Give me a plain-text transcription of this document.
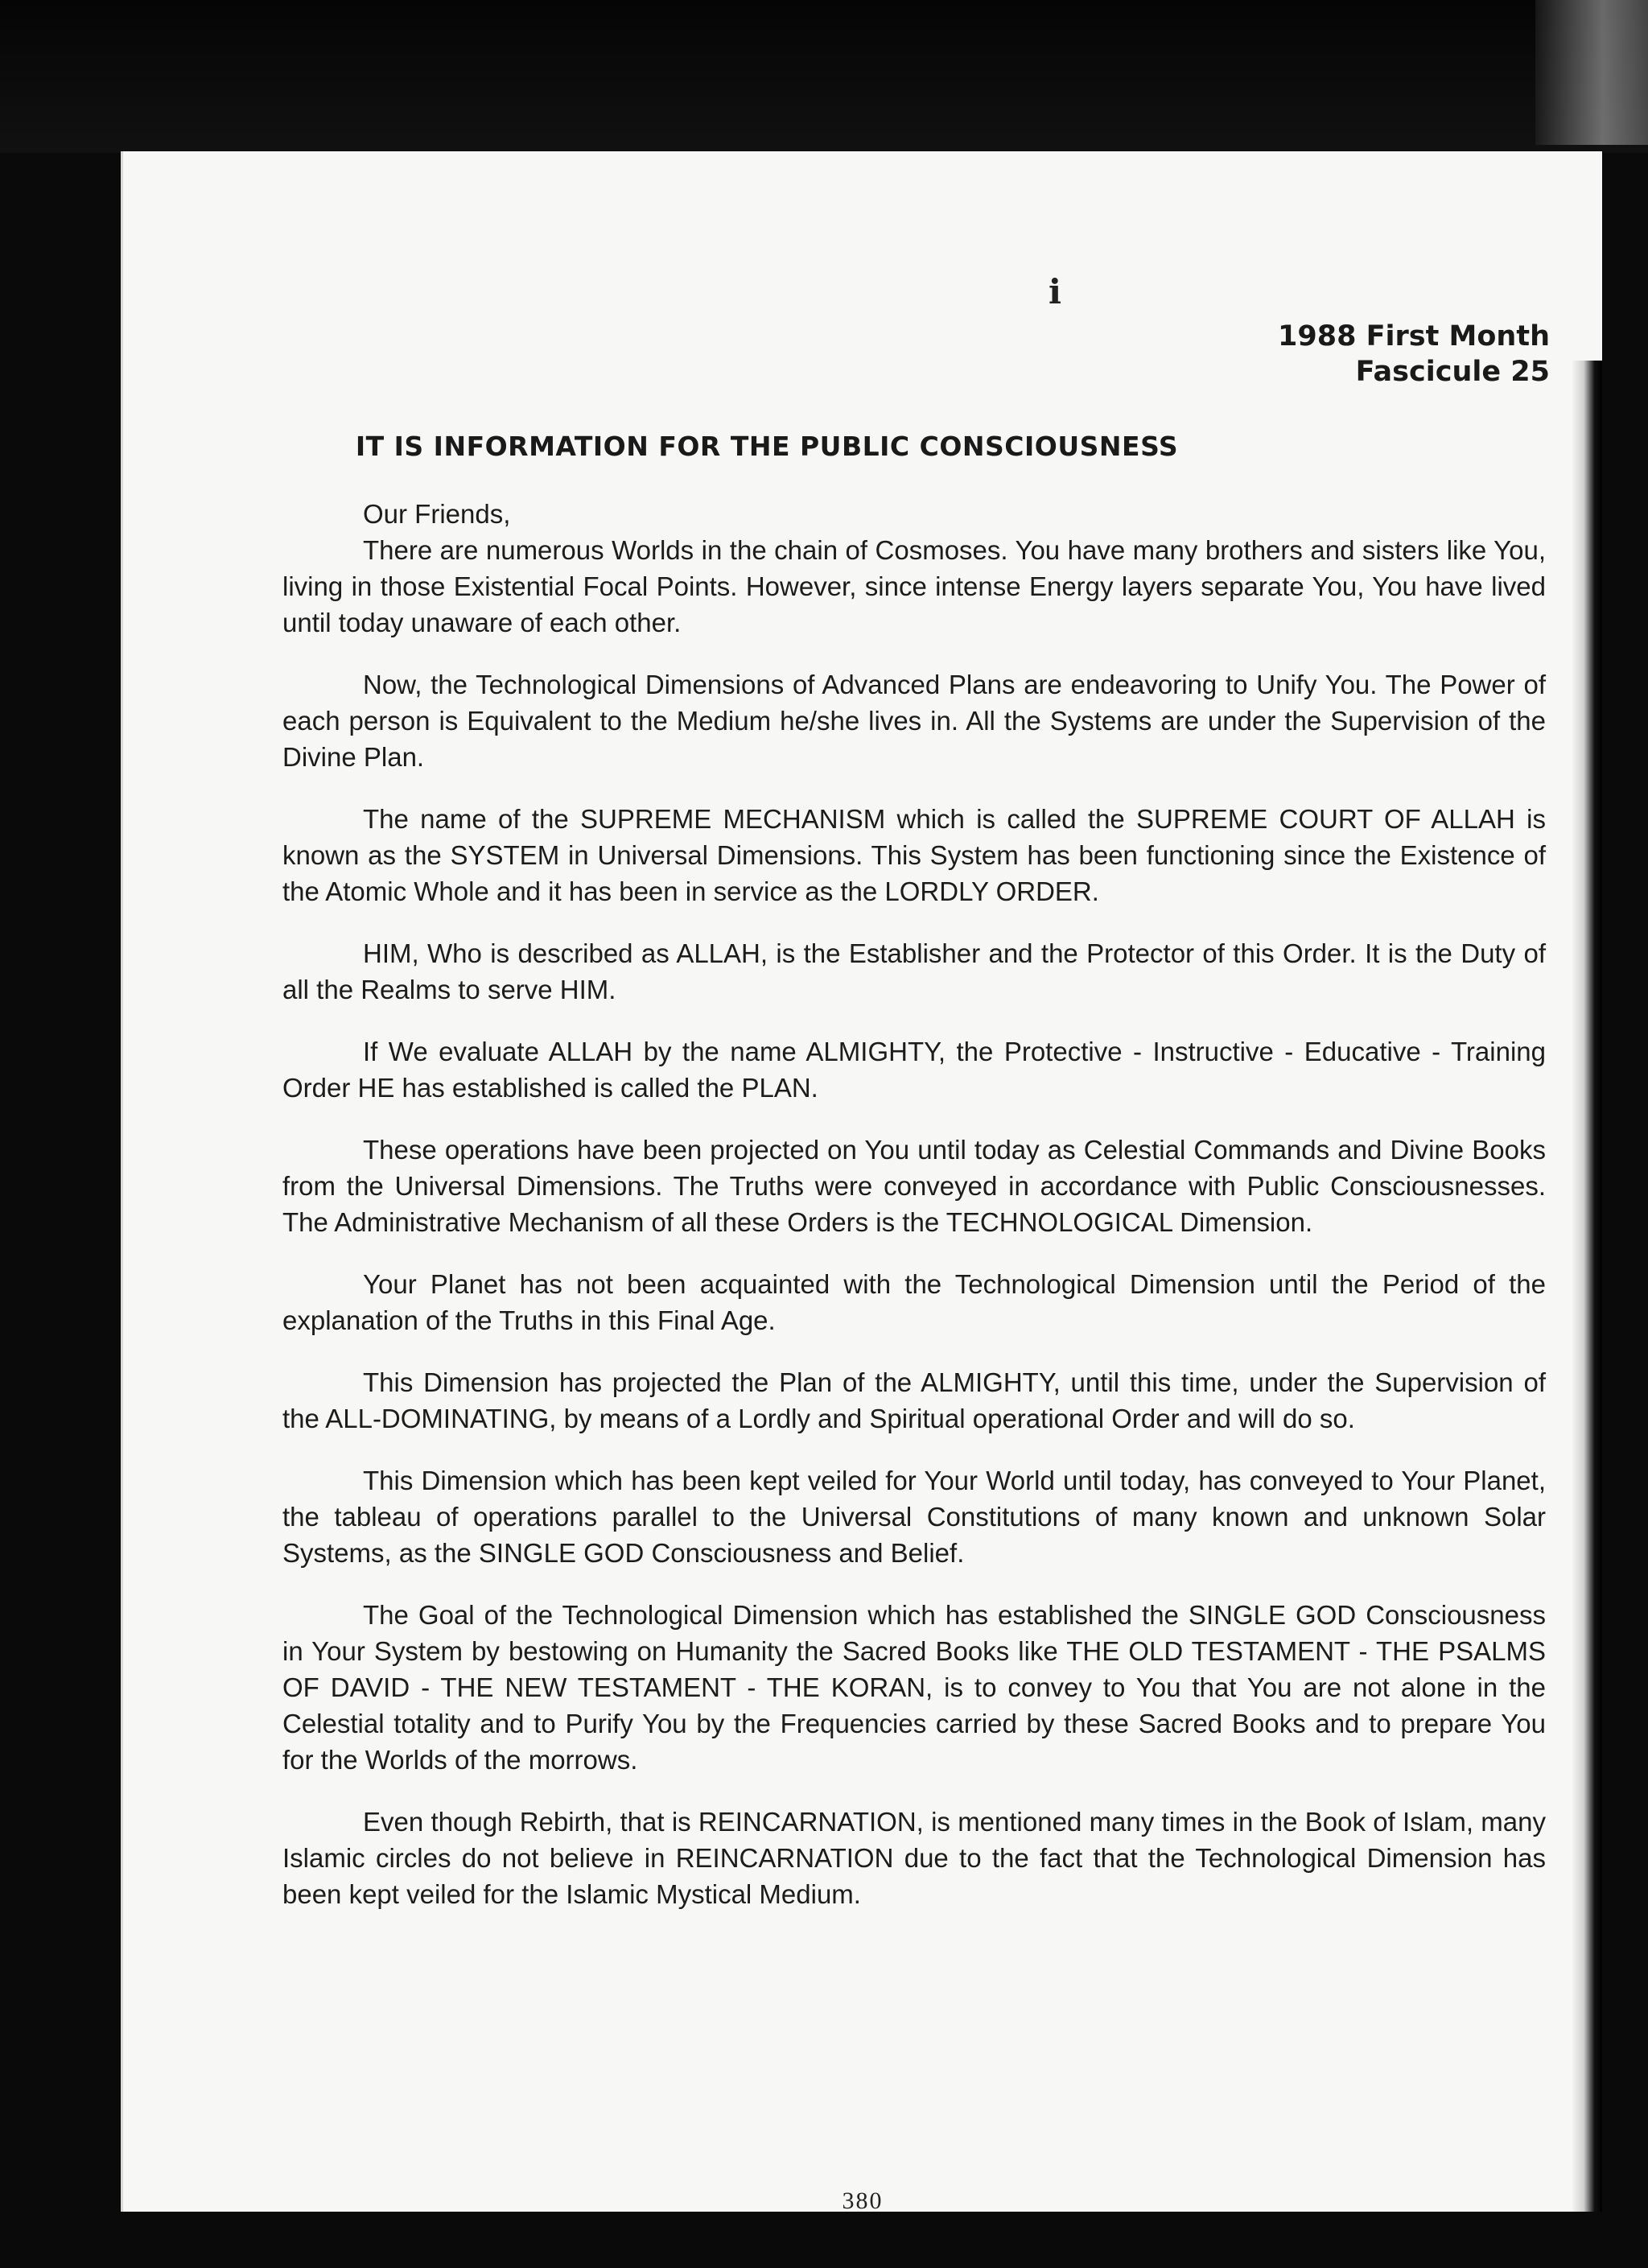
i
1988 First Month
Fascicule 25
IT IS INFORMATION FOR THE PUBLIC CONSCIOUSNESS

Our Friends,

There are numerous Worlds in the chain of Cosmoses. You have many brothers and sisters like You, living in those Existential Focal Points. However, since intense Energy layers separate You, You have lived until today unaware of each other.

Now, the Technological Dimensions of Advanced Plans are endeavoring to Unify You. The Power of each person is Equivalent to the Medium he/she lives in. All the Systems are under the Supervision of the Divine Plan.

The name of the SUPREME MECHANISM which is called the SUPREME COURT OF ALLAH is known as the SYSTEM in Universal Dimensions. This System has been functioning since the Existence of the Atomic Whole and it has been in service as the LORDLY ORDER.

HIM, Who is described as ALLAH, is the Establisher and the Protector of this Order. It is the Duty of all the Realms to serve HIM.

If We evaluate ALLAH by the name ALMIGHTY, the Protective - Instructive - Educative - Training Order HE has established is called the PLAN.

These operations have been projected on You until today as Celestial Commands and Divine Books from the Universal Dimensions. The Truths were conveyed in accordance with Public Consciousnesses. The Administrative Mechanism of all these Orders is the TECHNOLOGICAL Dimension.

Your Planet has not been acquainted with the Technological Dimension until the Period of the explanation of the Truths in this Final Age.

This Dimension has projected the Plan of the ALMIGHTY, until this time, under the Supervision of the ALL-DOMINATING, by means of a Lordly and Spiritual operational Order and will do so.

This Dimension which has been kept veiled for Your World until today, has conveyed to Your Planet, the tableau of operations parallel to the Universal Constitutions of many known and unknown Solar Systems, as the SINGLE GOD Consciousness and Belief.

The Goal of the Technological Dimension which has established the SINGLE GOD Consciousness in Your System by bestowing on Humanity the Sacred Books like THE OLD TESTAMENT - THE PSALMS OF DAVID - THE NEW TESTAMENT - THE KORAN, is to convey to You that You are not alone in the Celestial totality and to Purify You by the Frequencies carried by these Sacred Books and to prepare You for the Worlds of the morrows.

Even though Rebirth, that is REINCARNATION, is mentioned many times in the Book of Islam, many Islamic circles do not believe in REINCARNATION due to the fact that the Technological Dimension has been kept veiled for the Islamic Mystical Medium.

380
